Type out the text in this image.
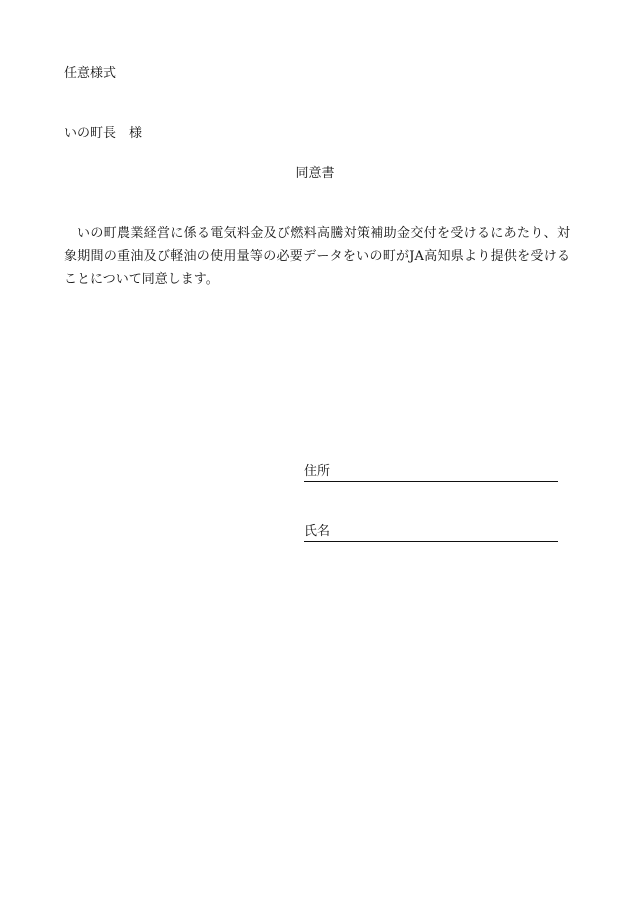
任意様式
いの町長　様
同意書
いの町農業経営に係る電気料金及び燃料高騰対策補助金交付を受けるにあたり、対象期間の重油及び軽油の使用量等の必要データをいの町がJA高知県より提供を受けることについて同意します。
住所
氏名
